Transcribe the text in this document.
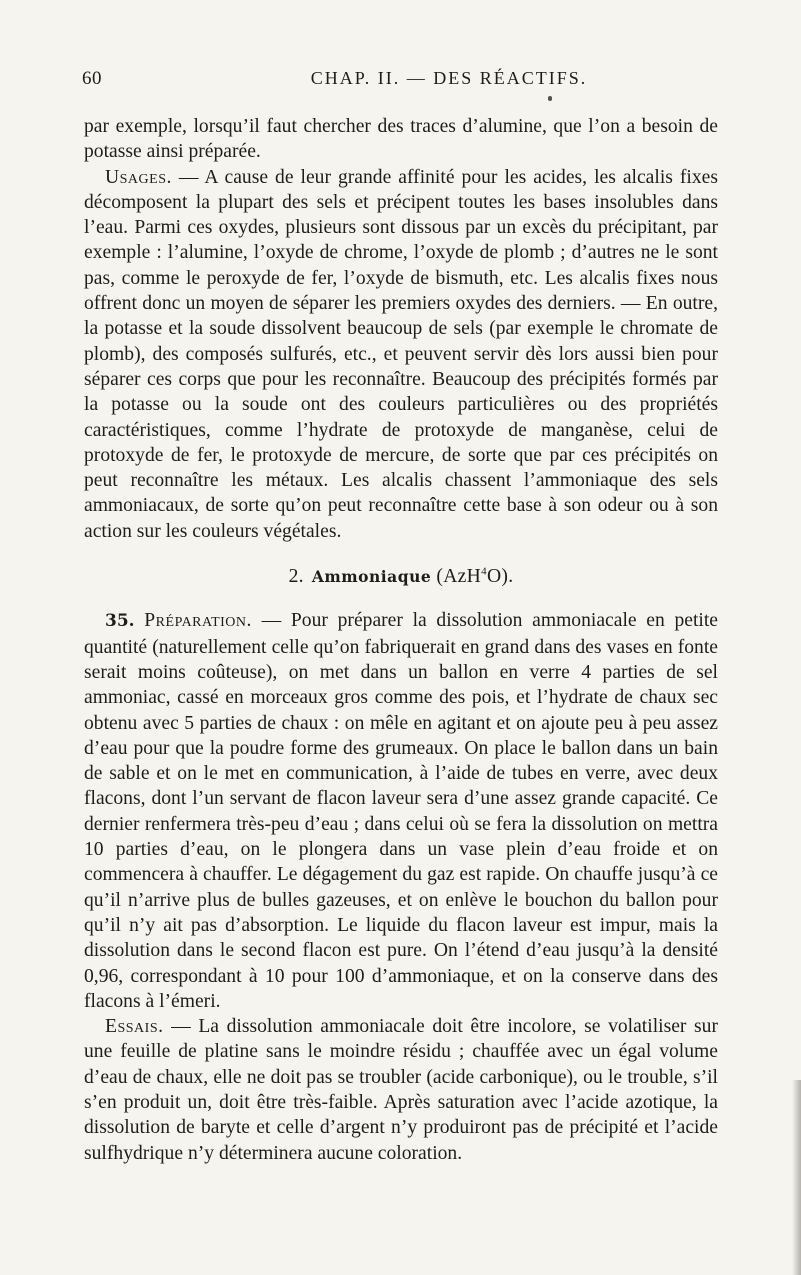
60	CHAP. II. — DES RÉACTIFS.

par exemple, lorsqu’il faut chercher des traces d’alumine, que l’on a besoin de potasse ainsi préparée.

Usages. — A cause de leur grande affinité pour les acides, les alcalis fixes décomposent la plupart des sels et précipent toutes les bases insolubles dans l’eau. Parmi ces oxydes, plusieurs sont dissous par un excès du précipitant, par exemple : l’alumine, l’oxyde de chrome, l’oxyde de plomb ; d’autres ne le sont pas, comme le peroxyde de fer, l’oxyde de bismuth, etc. Les alcalis fixes nous offrent donc un moyen de séparer les premiers oxydes des derniers. — En outre, la potasse et la soude dissolvent beaucoup de sels (par exemple le chromate de plomb), des composés sulfurés, etc., et peuvent servir dès lors aussi bien pour séparer ces corps que pour les reconnaître. Beaucoup des précipités formés par la potasse ou la soude ont des couleurs particulières ou des propriétés caractéristiques, comme l’hydrate de protoxyde de manganèse, celui de protoxyde de fer, le protoxyde de mercure, de sorte que par ces précipités on peut reconnaître les métaux. Les alcalis chassent l’ammoniaque des sels ammoniacaux, de sorte qu’on peut reconnaître cette base à son odeur ou à son action sur les couleurs végétales.

2. Ammoniaque (AzH$^4$O).

35. Préparation. — Pour préparer la dissolution ammoniacale en petite quantité (naturellement celle qu’on fabriquerait en grand dans des vases en fonte serait moins coûteuse), on met dans un ballon en verre 4 parties de sel ammoniac, cassé en morceaux gros comme des pois, et l’hydrate de chaux sec obtenu avec 5 parties de chaux : on mêle en agitant et on ajoute peu à peu assez d’eau pour que la poudre forme des grumeaux. On place le ballon dans un bain de sable et on le met en communication, à l’aide de tubes en verre, avec deux flacons, dont l’un servant de flacon laveur sera d’une assez grande capacité. Ce dernier renfermera très-peu d’eau ; dans celui où se fera la dissolution on mettra 10 parties d’eau, on le plongera dans un vase plein d’eau froide et on commencera à chauffer. Le dégagement du gaz est rapide. On chauffe jusqu’à ce qu’il n’arrive plus de bulles gazeuses, et on enlève le bouchon du ballon pour qu’il n’y ait pas d’absorption. Le liquide du flacon laveur est impur, mais la dissolution dans le second flacon est pure. On l’étend d’eau jusqu’à la densité 0,96, correspondant à 10 pour 100 d’ammoniaque, et on la conserve dans des flacons à l’émeri.

Essais. — La dissolution ammoniacale doit être incolore, se volatiliser sur une feuille de platine sans le moindre résidu ; chauffée avec un égal volume d’eau de chaux, elle ne doit pas se troubler (acide carbonique), ou le trouble, s’il s’en produit un, doit être très-faible. Après saturation avec l’acide azotique, la dissolution de baryte et celle d’argent n’y produiront pas de précipité et l’acide sulfhydrique n’y déterminera aucune coloration.
